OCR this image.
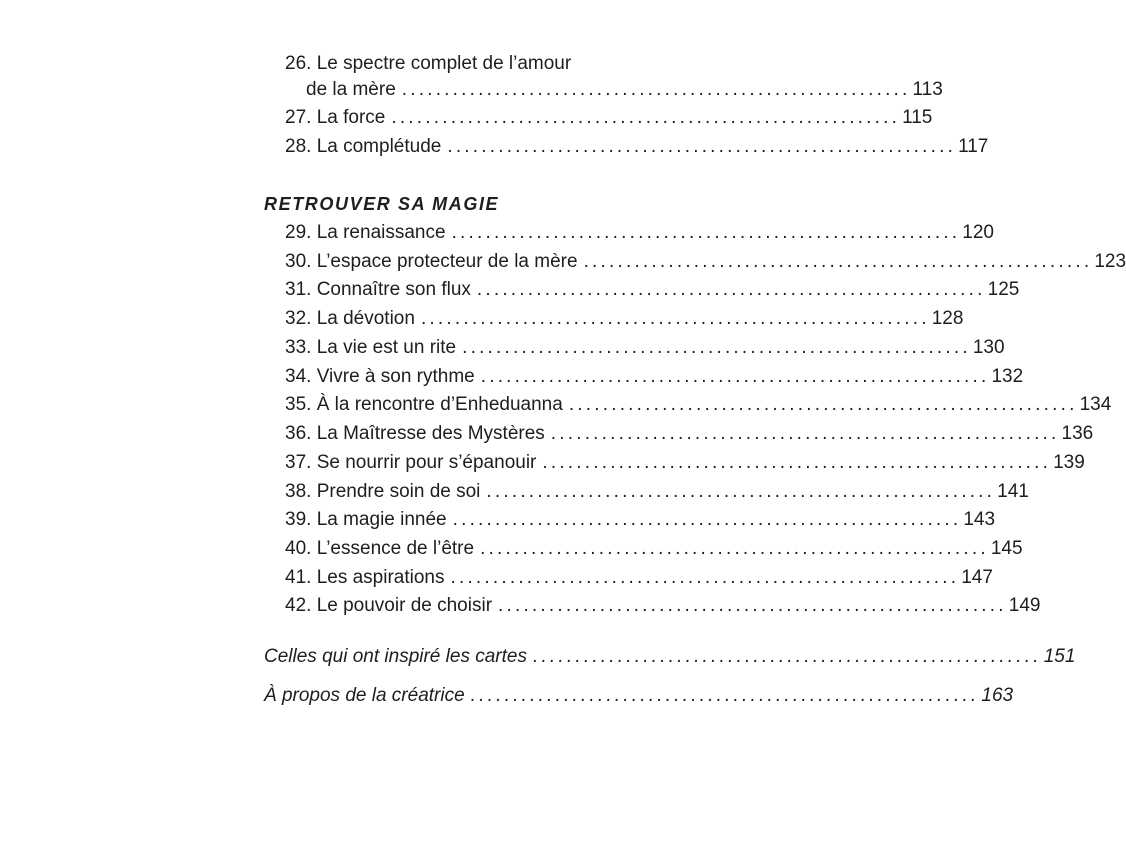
26. Le spectre complet de l’amour
de la mère ............................................................ 113
27. La force ............................................................ 115
28. La complétude ............................................................ 117
RETROUVER SA MAGIE
29. La renaissance ............................................................ 120
30. L’espace protecteur de la mère ............................................................ 123
31. Connaître son flux ............................................................ 125
32. La dévotion ............................................................ 128
33. La vie est un rite ............................................................ 130
34. Vivre à son rythme ............................................................ 132
35. À la rencontre d’Enheduanna ............................................................ 134
36. La Maîtresse des Mystères ............................................................ 136
37. Se nourrir pour s’épanouir ............................................................ 139
38. Prendre soin de soi ............................................................ 141
39. La magie innée ............................................................ 143
40. L’essence de l’être ............................................................ 145
41. Les aspirations ............................................................ 147
42. Le pouvoir de choisir ............................................................ 149
Celles qui ont inspiré les cartes ............................................................ 151
À propos de la créatrice ............................................................ 163
